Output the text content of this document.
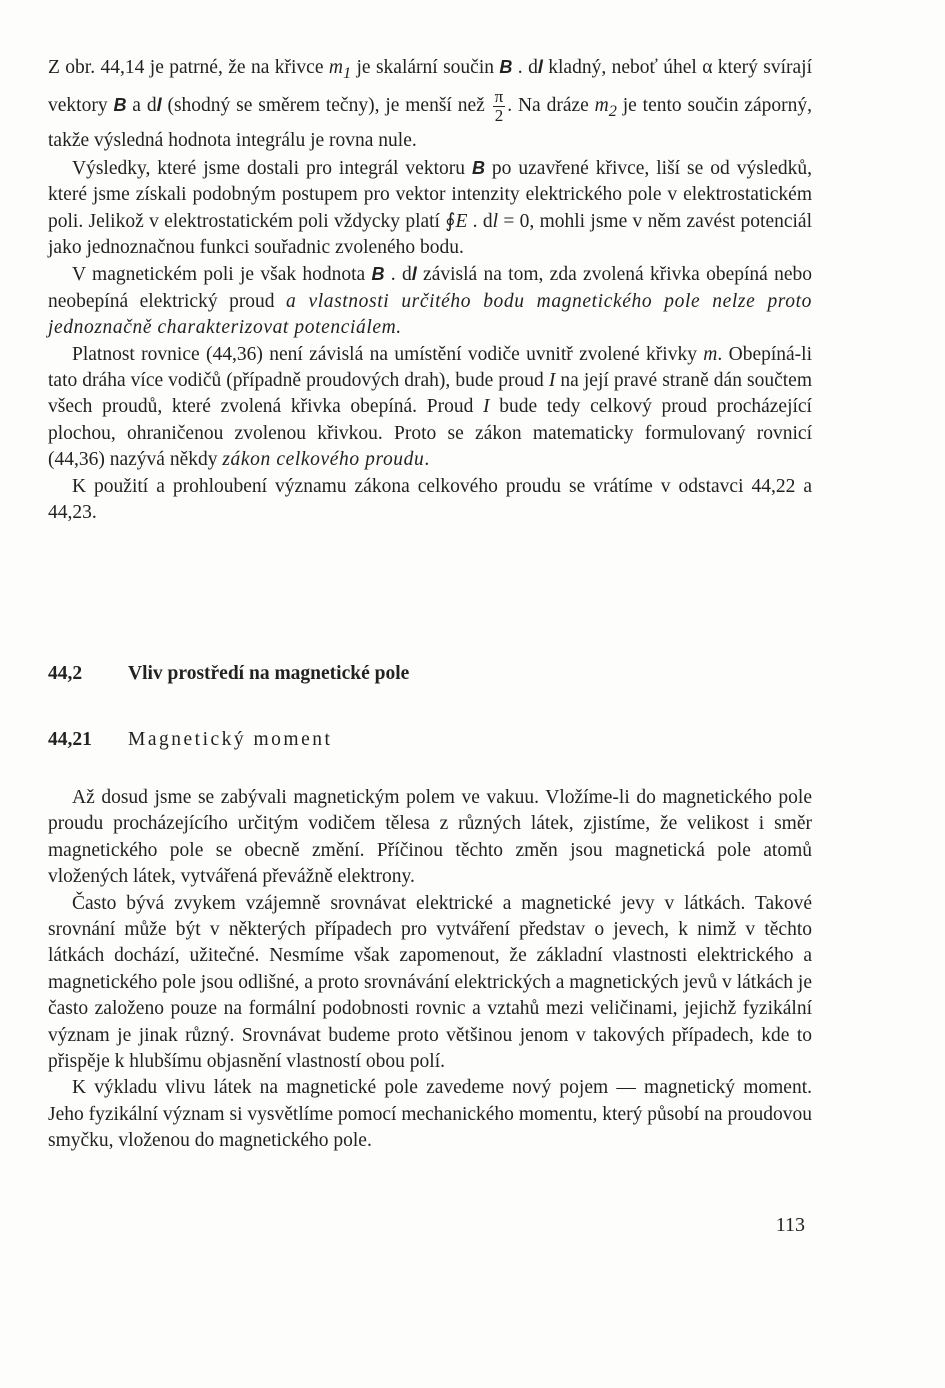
Z obr. 44,14 je patrné, že na křivce $m_1$ je skalární součin B . dl kladný, neboť úhel α který svírají vektory B a dl (shodný se směrem tečny), je menší než $\frac{\pi}{2}$ . Na dráze $m_2$ je tento součin záporný, takže výsledná hodnota integrálu je rovna nule.

Výsledky, které jsme dostali pro integrál vektoru B po uzavřené křivce, liší se od výsledků, které jsme získali podobným postupem pro vektor intenzity elektrického pole v elektrostatickém poli. Jelikož v elektrostatickém poli vždycky platí ∮E . dl = 0, mohli jsme v něm zavést potenciál jako jednoznačnou funkci souřadnic zvoleného bodu.

V magnetickém poli je však hodnota B . dl závislá na tom, zda zvolená křivka obepíná nebo neobepíná elektrický proud a vlastnosti určitého bodu magnetického pole nelze proto jednoznačně charakterizovat potenciálem.

Platnost rovnice (44,36) není závislá na umístění vodiče uvnitř zvolené křivky m. Obepíná-li tato dráha více vodičů (případně proudových drah), bude proud I na její pravé straně dán součtem všech proudů, které zvolená křivka obepíná. Proud I bude tedy celkový proud procházející plochou, ohraničenou zvolenou křivkou. Proto se zákon matematicky formulovaný rovnicí (44,36) nazývá někdy zákon celkového proudu.

K použití a prohloubení významu zákona celkového proudu se vrátíme v odstavci 44,22 a 44,23.

44,2 Vliv prostředí na magnetické pole
44,21 Magnetický moment

Až dosud jsme se zabývali magnetickým polem ve vakuu. Vložíme-li do magnetického pole proudu procházejícího určitým vodičem tělesa z různých látek, zjistíme, že velikost i směr magnetického pole se obecně změní. Příčinou těchto změn jsou magnetická pole atomů vložených látek, vytvářená převážně elektrony.

Často bývá zvykem vzájemně srovnávat elektrické a magnetické jevy v látkách. Takové srovnání může být v některých případech pro vytváření představ o jevech, k nimž v těchto látkách dochází, užitečné. Nesmíme však zapomenout, že základní vlastnosti elektrického a magnetického pole jsou odlišné, a proto srovnávání elektrických a magnetických jevů v látkách je často založeno pouze na formální podobnosti rovnic a vztahů mezi veličinami, jejichž fyzikální význam je jinak různý. Srovnávat budeme proto většinou jenom v takových případech, kde to přispěje k hlubšímu objasnění vlastností obou polí.

K výkladu vlivu látek na magnetické pole zavedeme nový pojem — magnetický moment. Jeho fyzikální význam si vysvětlíme pomocí mechanického momentu, který působí na proudovou smyčku, vloženou do magnetického pole.

113
